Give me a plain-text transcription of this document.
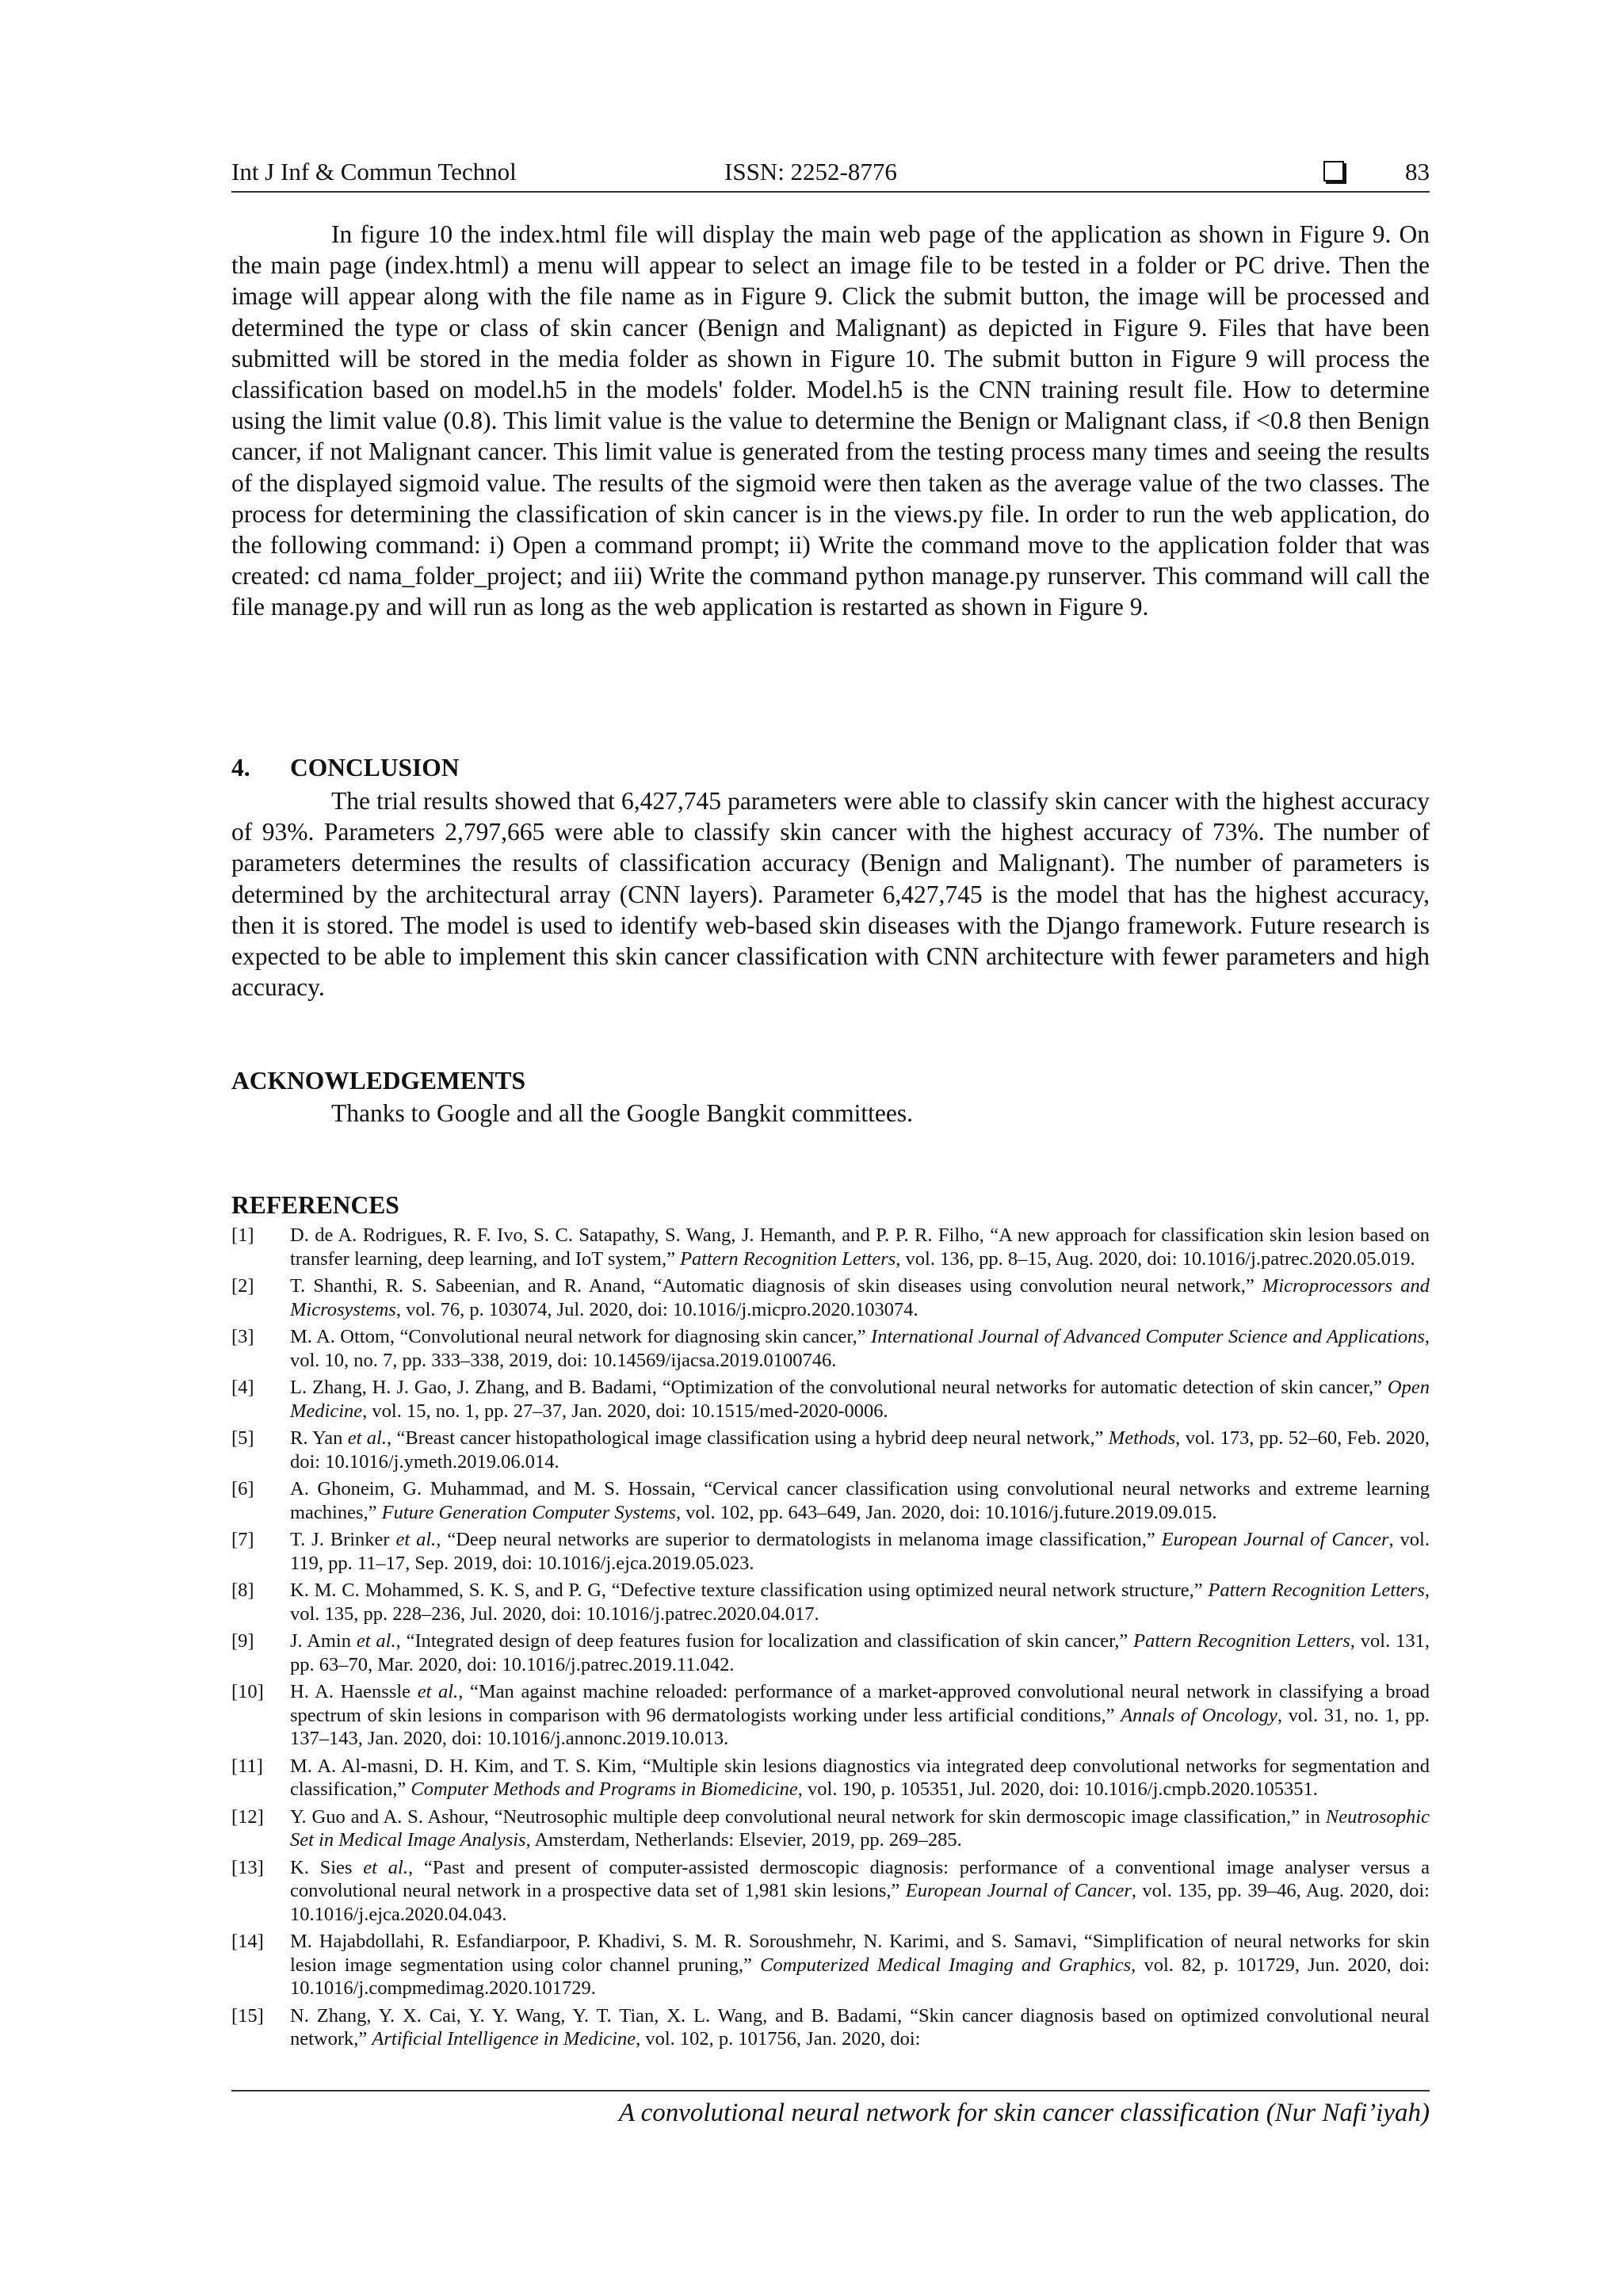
Int J Inf & Commun Technol	ISSN: 2252-8776	83

In figure 10 the index.html file will display the main web page of the application as shown in Figure 9. On the main page (index.html) a menu will appear to select an image file to be tested in a folder or PC drive. Then the image will appear along with the file name as in Figure 9. Click the submit button, the image will be processed and determined the type or class of skin cancer (Benign and Malignant) as depicted in Figure 9. Files that have been submitted will be stored in the media folder as shown in Figure 10. The submit button in Figure 9 will process the classification based on model.h5 in the models' folder. Model.h5 is the CNN training result file. How to determine using the limit value (0.8). This limit value is the value to determine the Benign or Malignant class, if <0.8 then Benign cancer, if not Malignant cancer. This limit value is generated from the testing process many times and seeing the results of the displayed sigmoid value. The results of the sigmoid were then taken as the average value of the two classes. The process for determining the classification of skin cancer is in the views.py file. In order to run the web application, do the following command: i) Open a command prompt; ii) Write the command move to the application folder that was created: cd nama_folder_project; and iii) Write the command python manage.py runserver. This command will call the file manage.py and will run as long as the web application is restarted as shown in Figure 9.

4. CONCLUSION

The trial results showed that 6,427,745 parameters were able to classify skin cancer with the highest accuracy of 93%. Parameters 2,797,665 were able to classify skin cancer with the highest accuracy of 73%. The number of parameters determines the results of classification accuracy (Benign and Malignant). The number of parameters is determined by the architectural array (CNN layers). Parameter 6,427,745 is the model that has the highest accuracy, then it is stored. The model is used to identify web-based skin diseases with the Django framework. Future research is expected to be able to implement this skin cancer classification with CNN architecture with fewer parameters and high accuracy.

ACKNOWLEDGEMENTS

Thanks to Google and all the Google Bangkit committees.

REFERENCES
[1] D. de A. Rodrigues, R. F. Ivo, S. C. Satapathy, S. Wang, J. Hemanth, and P. P. R. Filho, “A new approach for classification skin lesion based on transfer learning, deep learning, and IoT system,” Pattern Recognition Letters, vol. 136, pp. 8–15, Aug. 2020, doi: 10.1016/j.patrec.2020.05.019.
[2] T. Shanthi, R. S. Sabeenian, and R. Anand, “Automatic diagnosis of skin diseases using convolution neural network,” Microprocessors and Microsystems, vol. 76, p. 103074, Jul. 2020, doi: 10.1016/j.micpro.2020.103074.
[3] M. A. Ottom, “Convolutional neural network for diagnosing skin cancer,” International Journal of Advanced Computer Science and Applications, vol. 10, no. 7, pp. 333–338, 2019, doi: 10.14569/ijacsa.2019.0100746.
[4] L. Zhang, H. J. Gao, J. Zhang, and B. Badami, “Optimization of the convolutional neural networks for automatic detection of skin cancer,” Open Medicine, vol. 15, no. 1, pp. 27–37, Jan. 2020, doi: 10.1515/med-2020-0006.
[5] R. Yan et al., “Breast cancer histopathological image classification using a hybrid deep neural network,” Methods, vol. 173, pp. 52–60, Feb. 2020, doi: 10.1016/j.ymeth.2019.06.014.
[6] A. Ghoneim, G. Muhammad, and M. S. Hossain, “Cervical cancer classification using convolutional neural networks and extreme learning machines,” Future Generation Computer Systems, vol. 102, pp. 643–649, Jan. 2020, doi: 10.1016/j.future.2019.09.015.
[7] T. J. Brinker et al., “Deep neural networks are superior to dermatologists in melanoma image classification,” European Journal of Cancer, vol. 119, pp. 11–17, Sep. 2019, doi: 10.1016/j.ejca.2019.05.023.
[8] K. M. C. Mohammed, S. K. S, and P. G, “Defective texture classification using optimized neural network structure,” Pattern Recognition Letters, vol. 135, pp. 228–236, Jul. 2020, doi: 10.1016/j.patrec.2020.04.017.
[9] J. Amin et al., “Integrated design of deep features fusion for localization and classification of skin cancer,” Pattern Recognition Letters, vol. 131, pp. 63–70, Mar. 2020, doi: 10.1016/j.patrec.2019.11.042.
[10] H. A. Haenssle et al., “Man against machine reloaded: performance of a market-approved convolutional neural network in classifying a broad spectrum of skin lesions in comparison with 96 dermatologists working under less artificial conditions,” Annals of Oncology, vol. 31, no. 1, pp. 137–143, Jan. 2020, doi: 10.1016/j.annonc.2019.10.013.
[11] M. A. Al-masni, D. H. Kim, and T. S. Kim, “Multiple skin lesions diagnostics via integrated deep convolutional networks for segmentation and classification,” Computer Methods and Programs in Biomedicine, vol. 190, p. 105351, Jul. 2020, doi: 10.1016/j.cmpb.2020.105351.
[12] Y. Guo and A. S. Ashour, “Neutrosophic multiple deep convolutional neural network for skin dermoscopic image classification,” in Neutrosophic Set in Medical Image Analysis, Amsterdam, Netherlands: Elsevier, 2019, pp. 269–285.
[13] K. Sies et al., “Past and present of computer-assisted dermoscopic diagnosis: performance of a conventional image analyser versus a convolutional neural network in a prospective data set of 1,981 skin lesions,” European Journal of Cancer, vol. 135, pp. 39–46, Aug. 2020, doi: 10.1016/j.ejca.2020.04.043.
[14] M. Hajabdollahi, R. Esfandiarpoor, P. Khadivi, S. M. R. Soroushmehr, N. Karimi, and S. Samavi, “Simplification of neural networks for skin lesion image segmentation using color channel pruning,” Computerized Medical Imaging and Graphics, vol. 82, p. 101729, Jun. 2020, doi: 10.1016/j.compmedimag.2020.101729.
[15] N. Zhang, Y. X. Cai, Y. Y. Wang, Y. T. Tian, X. L. Wang, and B. Badami, “Skin cancer diagnosis based on optimized convolutional neural network,” Artificial Intelligence in Medicine, vol. 102, p. 101756, Jan. 2020, doi:
A convolutional neural network for skin cancer classification (Nur Nafi’iyah)
